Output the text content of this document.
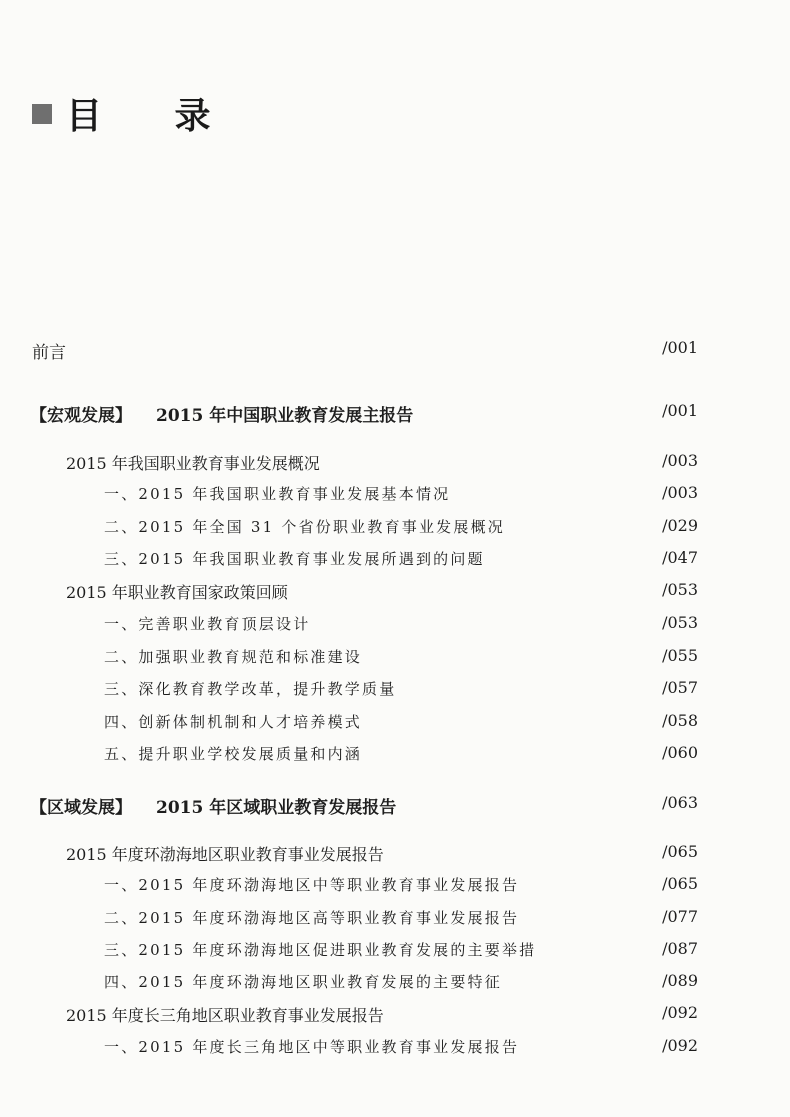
目 录
前言	/001
【宏观发展】 2015 年中国职业教育发展主报告	/001
2015 年我国职业教育事业发展概况	/003
一、2015 年我国职业教育事业发展基本情况	/003
二、2015 年全国 31 个省份职业教育事业发展概况	/029
三、2015 年我国职业教育事业发展所遇到的问题	/047
2015 年职业教育国家政策回顾	/053
一、完善职业教育顶层设计	/053
二、加强职业教育规范和标准建设	/055
三、深化教育教学改革，提升教学质量	/057
四、创新体制机制和人才培养模式	/058
五、提升职业学校发展质量和内涵	/060
【区域发展】 2015 年区域职业教育发展报告	/063
2015 年度环渤海地区职业教育事业发展报告	/065
一、2015 年度环渤海地区中等职业教育事业发展报告	/065
二、2015 年度环渤海地区高等职业教育事业发展报告	/077
三、2015 年度环渤海地区促进职业教育发展的主要举措	/087
四、2015 年度环渤海地区职业教育发展的主要特征	/089
2015 年度长三角地区职业教育事业发展报告	/092
一、2015 年度长三角地区中等职业教育事业发展报告	/092
